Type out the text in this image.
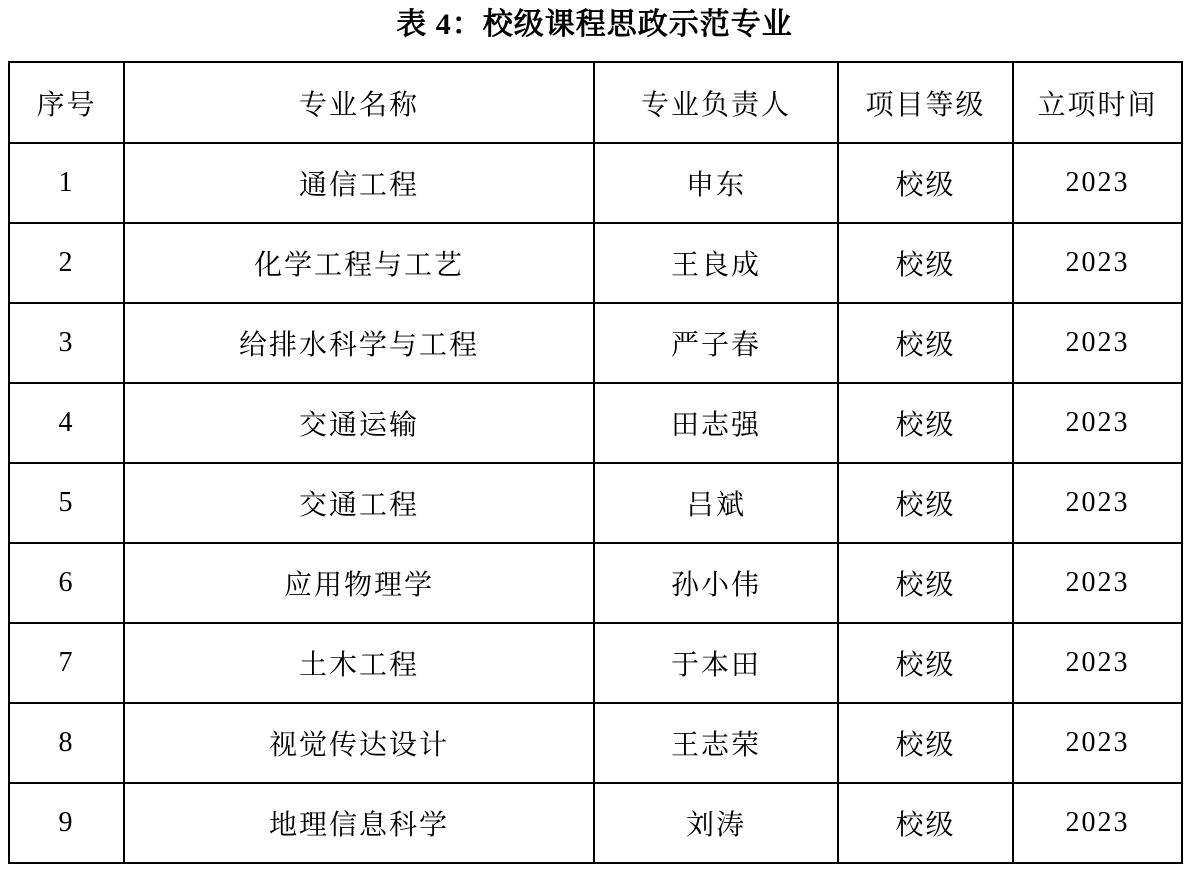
表 4：校级课程思政示范专业
序号	专业名称	专业负责人	项目等级	立项时间
1	通信工程	申东	校级	2023
2	化学工程与工艺	王良成	校级	2023
3	给排水科学与工程	严子春	校级	2023
4	交通运输	田志强	校级	2023
5	交通工程	吕斌	校级	2023
6	应用物理学	孙小伟	校级	2023
7	土木工程	于本田	校级	2023
8	视觉传达设计	王志荣	校级	2023
9	地理信息科学	刘涛	校级	2023
